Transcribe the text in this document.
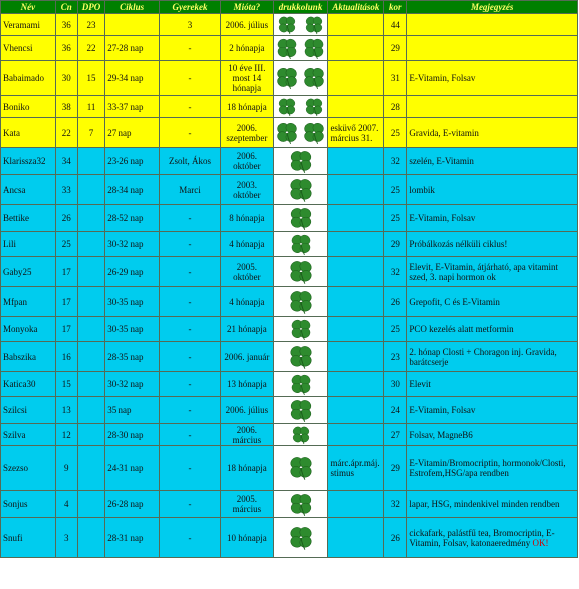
Név	Cn	DPO	Ciklus	Gyerekek	Mióta?	drukkolunk	Aktualitások	kor	Megjegyzés
Veramami	36	23		3	2006. július			44	
Vhencsi	36	22	27-28 nap	-	2 hónapja			29	
Babaimado	30	15	29-34 nap	-	10 éve III. most 14 hónapja			31	E-Vitamin, Folsav
Boniko	38	11	33-37 nap	-	18 hónapja			28	
Kata	22	7	27 nap	-	2006. szeptember		esküvő 2007. március 31.	25	Gravida, E-vitamin
Klarissza32	34		23-26 nap	Zsolt, Ákos	2006. október			32	szelén, E-Vitamin
Ancsa	33		28-34 nap	Marci	2003. október			25	lombik
Bettike	26		28-52 nap	-	8 hónapja			25	E-Vitamin, Folsav
Lili	25		30-32 nap	-	4 hónapja			29	Próbálkozás nélküli ciklus!
Gaby25	17		26-29 nap	-	2005. október			32	Elevit, E-Vitamin, átjárható, apa vitamint szed, 3. napi hormon ok
Mfpan	17		30-35 nap	-	4 hónapja			26	Grepofit, C és E-Vitamin
Monyoka	17		30-35 nap	-	21 hónapja			25	PCO kezelés alatt metformin
Babszika	16		28-35 nap	-	2006. január			23	2. hónap Closti + Choragon inj. Gravida, barátcserje
Katica30	15		30-32 nap	-	13 hónapja			30	Elevit
Szilcsi	13		35 nap	-	2006. július			24	E-Vitamin, Folsav
Szilva	12		28-30 nap	-	2006. március			27	Folsav, MagneB6
Szezso	9		24-31 nap	-	18 hónapja		márc.ápr.máj. stimus	29	E-Vitamin/Bromocriptin, hormonok/Closti, Estrofem,HSG/apa rendben
Sonjus	4		26-28 nap	-	2005. március			32	lapar, HSG, mindenkivel minden rendben
Snufi	3		28-31 nap	-	10 hónapja			26	cickafark, palástfű tea, Bromocriptin, E-Vitamin, Folsav, katonaeredmény OK!
